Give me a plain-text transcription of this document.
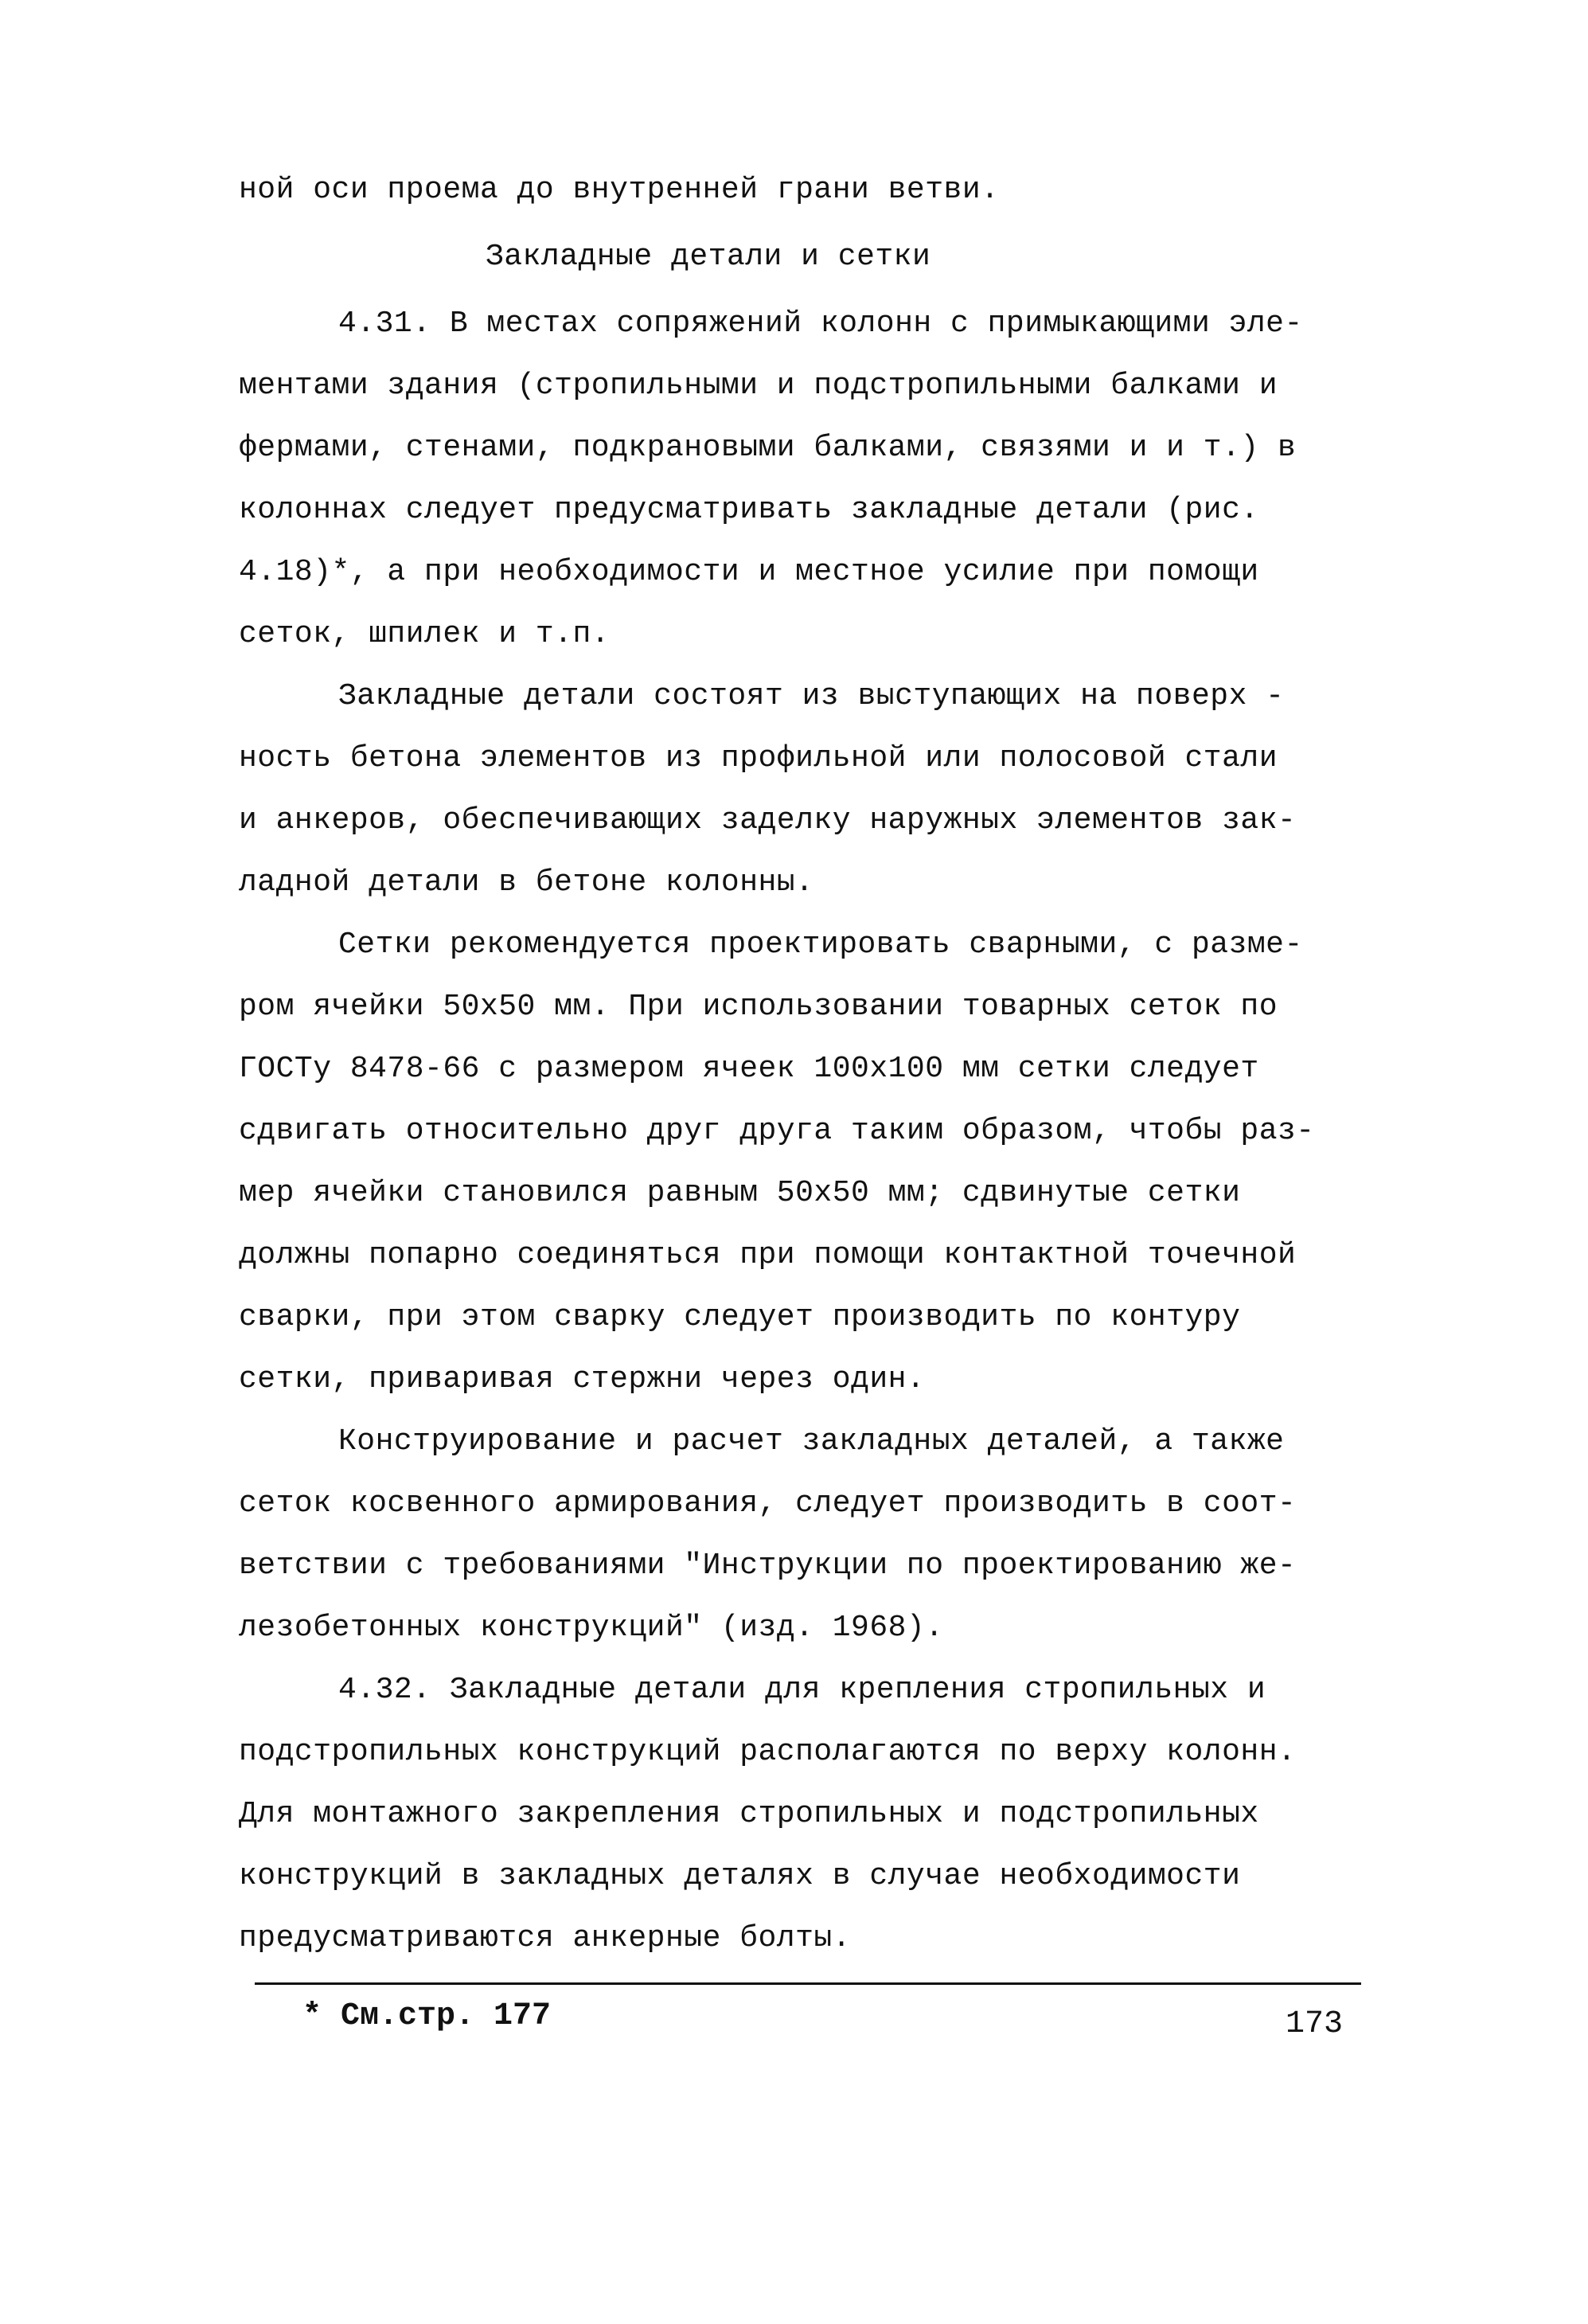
ной оси проема до внутренней грани ветви.
Закладные детали и сетки
4.31. В местах сопряжений колонн с примыкающими эле-
ментами здания (стропильными и подстропильными балками и
фермами, стенами, подкрановыми балками, связями и и т.) в
колоннах следует предусматривать закладные детали (рис.
4.18)*, а при необходимости и местное усилие при помощи
сеток, шпилек и т.п.
Закладные детали состоят из выступающих на поверх -
ность бетона элементов из профильной или полосовой стали
и анкеров, обеспечивающих заделку наружных элементов зак-
ладной детали в бетоне колонны.
Сетки рекомендуется проектировать сварными, с разме-
ром ячейки 50x50 мм. При использовании товарных сеток по
ГОСТу 8478-66 с размером ячеек 100x100 мм сетки следует
сдвигать относительно друг друга таким образом, чтобы раз-
мер ячейки становился равным 50x50 мм; сдвинутые сетки
должны попарно соединяться при помощи контактной точечной
сварки, при этом сварку следует производить по контуру
сетки, приваривая стержни через один.
Конструирование и расчет закладных деталей, а также
сеток косвенного армирования, следует производить в соот-
ветствии с требованиями "Инструкции по проектированию же-
лезобетонных конструкций" (изд. 1968).
4.32. Закладные детали для крепления стропильных и
подстропильных конструкций располагаются по верху колонн.
Для монтажного закрепления стропильных и подстропильных
конструкций в закладных деталях в случае необходимости
предусматриваются анкерные болты.
* См.стр. 177	173
